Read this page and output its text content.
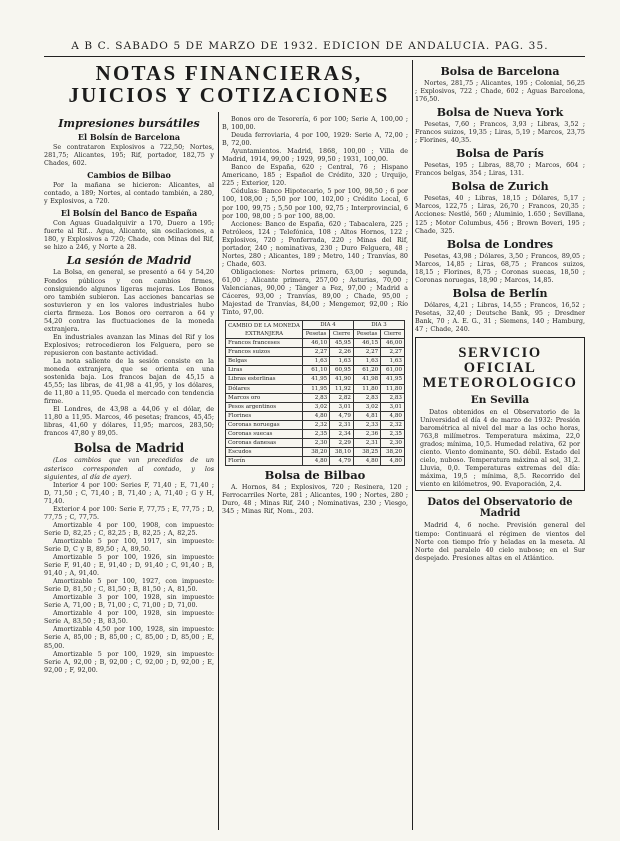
A B C. SABADO 5 DE MARZO DE 1932. EDICION DE ANDALUCIA. PAG. 35.
NOTAS FINANCIERAS, JUICIOS Y COTIZACIONES
Impresiones bursátiles
El Bolsín de Barcelona

Se contrataron Explosivos a 722,50; Nortes, 281,75; Alicantes, 195; Rif, portador, 182,75 y Chades, 602.

Cambios de Bilbao

Por la mañana se hicieron: Alicantes, al contado, a 189; Nortes, al contado también, a 280, y Explosivos, a 720.

El Bolsín del Banco de España

Con Aguas Guadalquivir a 170, Duero a 195; fuerte al Rif... Agua, Alicante, sin oscilaciones, a 180, y Explosivos a 720; Chade, con Minas del Rif, se hizo a 246, y Norte a 28.

La sesión de Madrid

La Bolsa, en general, se presentó a 64 y 54,20 Fondos públicos y con cambios firmes, consiguiendo algunos ligeras mejoras. Los Bonos oro también subieron. Las acciones bancarias se sostuvieron y en los valores industriales hubo cierta firmeza. Los Bonos oro cerraron a 64 y 54,20 contra las fluctuaciones de la moneda extranjera.

En industriales avanzan las Minas del Rif y los Explosivos; retrocedieron los Felguera, pero se repusieron con bastante actividad.

La nota saliente de la sesión consiste en la moneda extranjera, que se orienta en una sostenida baja. Los francos bajan de 45,15 a 45,55; las libras, de 41,98 a 41,95, y los dólares, de 11,80 a 11,95. Queda el mercado con tendencia firme.

El Londres, de 43,98 a 44,06 y el dólar, de 11,80 a 11,95. Marcos, 46 pesetas; francos, 45,45; libras, 41,60 y dólares, 11,95; marcos, 283,50; francos 47,80 y 89,05.

Bolsa de Madrid

(Los cambios que van precedidos de un asterisco corresponden al contado, y los siguientes, al día de ayer).

Interior 4 por 100: Series F, 71,40 ; E, 71,40 ; D, 71,50 ; C, 71,40 ; B, 71,40 ; A, 71,40 ; G y H, 71,40.

Exterior 4 por 100: Serie F, 77,75 ; E, 77,75 ; D, 77,75 ; C, 77,75.

Amortizable 4 por 100, 1908, con impuesto: Serie D, 82,25 ; C, 82,25 ; B, 82,25 ; A, 82,25.

Amortizable 5 por 100, 1917, sin impuesto: Serie D, C y B, 89,50 ; A, 89,50.

Amortizable 5 por 100, 1926, sin impuesto: Serie F, 91,40 ; E, 91,40 ; D, 91,40 ; C, 91,40 ; B, 91,40 ; A, 91,40.

Amortizable 5 por 100, 1927, con impuesto: Serie D, 81,50 ; C, 81,50 ; B, 81,50 ; A, 81,50.

Amortizable 3 por 100, 1928, sin impuesto: Serie A, 71,00 ; B, 71,00 ; C, 71,00 ; D, 71,00.

Amortizable 4 por 100, 1928, sin impuesto: Serie A, 83,50 ; B, 83,50.

Amortizable 4,50 por 100, 1928, sin impuesto: Serie A, 85,00 ; B, 85,00 ; C, 85,00 ; D, 85,00 ; E, 85,00.

Amortizable 5 por 100, 1929, sin impuesto: Serie A, 92,00 ; B, 92,00 ; C, 92,00 ; D, 92,00 ; E, 92,00 ; F, 92,00.

Bonos oro de Tesorería, 6 por 100; Serie A, 100,00 ; B, 100,00.

Deuda ferroviaria, 4 por 100, 1929: Serie A, 72,00 ; B, 72,00.

Ayuntamientos. Madrid, 1868, 100,00 ; Villa de Madrid, 1914, 99,00 ; 1929, 99,50 ; 1931, 100,00.

Banco de España, 620 ; Central, 76 ; Hispano Americano, 185 ; Español de Crédito, 320 ; Urquijo, 225 ; Exterior, 120.

Cédulas: Banco Hipotecario, 5 por 100, 98,50 ; 6 por 100, 108,00 ; 5,50 por 100, 102,00 ; Crédito Local, 6 por 100, 99,75 ; 5,50 por 100, 92,75 ; Interprovincial, 6 por 100, 98,00 ; 5 por 100, 88,00.

Acciones: Banco de España, 620 ; Tabacalera, 225 ; Petróleos, 124 ; Telefónica, 108 ; Altos Hornos, 122 ; Explosivos, 720 ; Ponferrada, 220 ; Minas del Rif, portador, 240 ; nominativas, 230 ; Duro Felguera, 48 ; Nortes, 280 ; Alicantes, 189 ; Metro, 140 ; Tranvías, 80 ; Chade, 603.

Obligaciones: Nortes primera, 63,00 ; segunda, 61,00 ; Alicante primera, 257,00 ; Asturias, 70,00 ; Valencianas, 90,00 ; Tánger a Fez, 97,00 ; Madrid a Cáceres, 93,00 ; Tranvías, 89,00 ; Chade, 95,00 ; Majestad de Tranvías, 84,00 ; Mengemor, 92,00 ; Río Tinto, 97,00.

CAMBIO DE LA MONEDA EXTRANJERA	DIA 4		DIA 3	
	Pesetas	Cierre	Pesetas	Cierre
Francos franceses	46,10	45,95	46,15	46,00
Francos suizos	2,27	2,26	2,27	2,27
Belgas	1,63	1,63	1,63	1,63
Liras	61,10	60,95	61,20	61,00
Libras esterlinas	41,95	41,90	41,98	41,95
Dólares	11,95	11,92	11,80	11,80
Marcos oro	2,83	2,82	2,83	2,83
Pesos argentinos	3,02	3,01	3,02	3,01
Florines	4,80	4,79	4,81	4,80
Coronas noruegas	2,32	2,31	2,33	2,32
Coronas suecas	2,35	2,34	2,36	2,35
Coronas danesas	2,30	2,29	2,31	2,30
Escudos	38,20	38,10	38,25	38,20
Florín	4,80	4,79	4,80	4,80
Bolsa de Bilbao

A. Hornos, 84 ; Explosivos, 720 ; Resinera, 120 ; Ferrocarriles Norte, 281 ; Alicantes, 190 ; Nortes, 280 ; Duro, 48 ; Minas Rif, 240 ; Nominativas, 230 ; Viesgo, 345 ; Minas Rif, Nom., 203.

Bolsa de Barcelona

Nortes, 281,75 ; Alicantes, 195 ; Colonial, 56,25 ; Explosivos, 722 ; Chade, 602 ; Aguas Barcelona, 176,50.

Bolsa de Nueva York

Pesetas, 7,60 ; Francos, 3,93 ; Libras, 3,52 ; Francos suizos, 19,35 ; Liras, 5,19 ; Marcos, 23,75 ; Florines, 40,35.

Bolsa de París

Pesetas, 195 ; Libras, 88,70 ; Marcos, 604 ; Francos belgas, 354 ; Liras, 131.

Bolsa de Zurich

Pesetas, 40 ; Libras, 18,15 ; Dólares, 5,17 ; Marcos, 122,75 ; Liras, 26,70 ; Francos, 20,35 ; Acciones: Nestlé, 560 ; Aluminio, 1.650 ; Sevillana, 125 ; Motor Columbus, 456 ; Brown Boveri, 195 ; Chade, 325.

Bolsa de Londres

Pesetas, 43,98 ; Dólares, 3,50 ; Francos, 89,05 ; Marcos, 14,85 ; Liras, 68,75 ; Francos suizos, 18,15 ; Florines, 8,75 ; Coronas suecas, 18,50 ; Coronas noruegas, 18,90 ; Marcos, 14,85.

Bolsa de Berlín

Dólares, 4,21 ; Libras, 14,55 ; Francos, 16,52 ; Pesetas, 32,40 ; Deutsche Bank, 95 ; Dresdner Bank, 70 ; A. E. G., 31 ; Siemens, 140 ; Hamburg, 47 ; Chade, 240.

SERVICIO OFICIAL METEOROLOGICO
En Sevilla

Datos obtenidos en el Observatorio de la Universidad el día 4 de marzo de 1932: Presión barométrica al nivel del mar a las ocho horas, 763,8 milímetros. Temperatura máxima, 22,0 grados; mínima, 10,5. Humedad relativa, 62 por ciento. Viento dominante, SO. débil. Estado del cielo, nuboso. Temperatura máxima al sol, 31,2. Lluvia, 0,0. Temperaturas extremas del día: máxima, 19,5 ; mínima, 8,5. Recorrido del viento en kilómetros, 90. Evaporación, 2,4.

Datos del Observatorio de Madrid

Madrid 4, 6 noche. Previsión general del tiempo: Continuará el régimen de vientos del Norte con tiempo frío y heladas en la meseta. Al Norte del paralelo 40 cielo nuboso; en el Sur despejado. Presiones altas en el Atlántico.
